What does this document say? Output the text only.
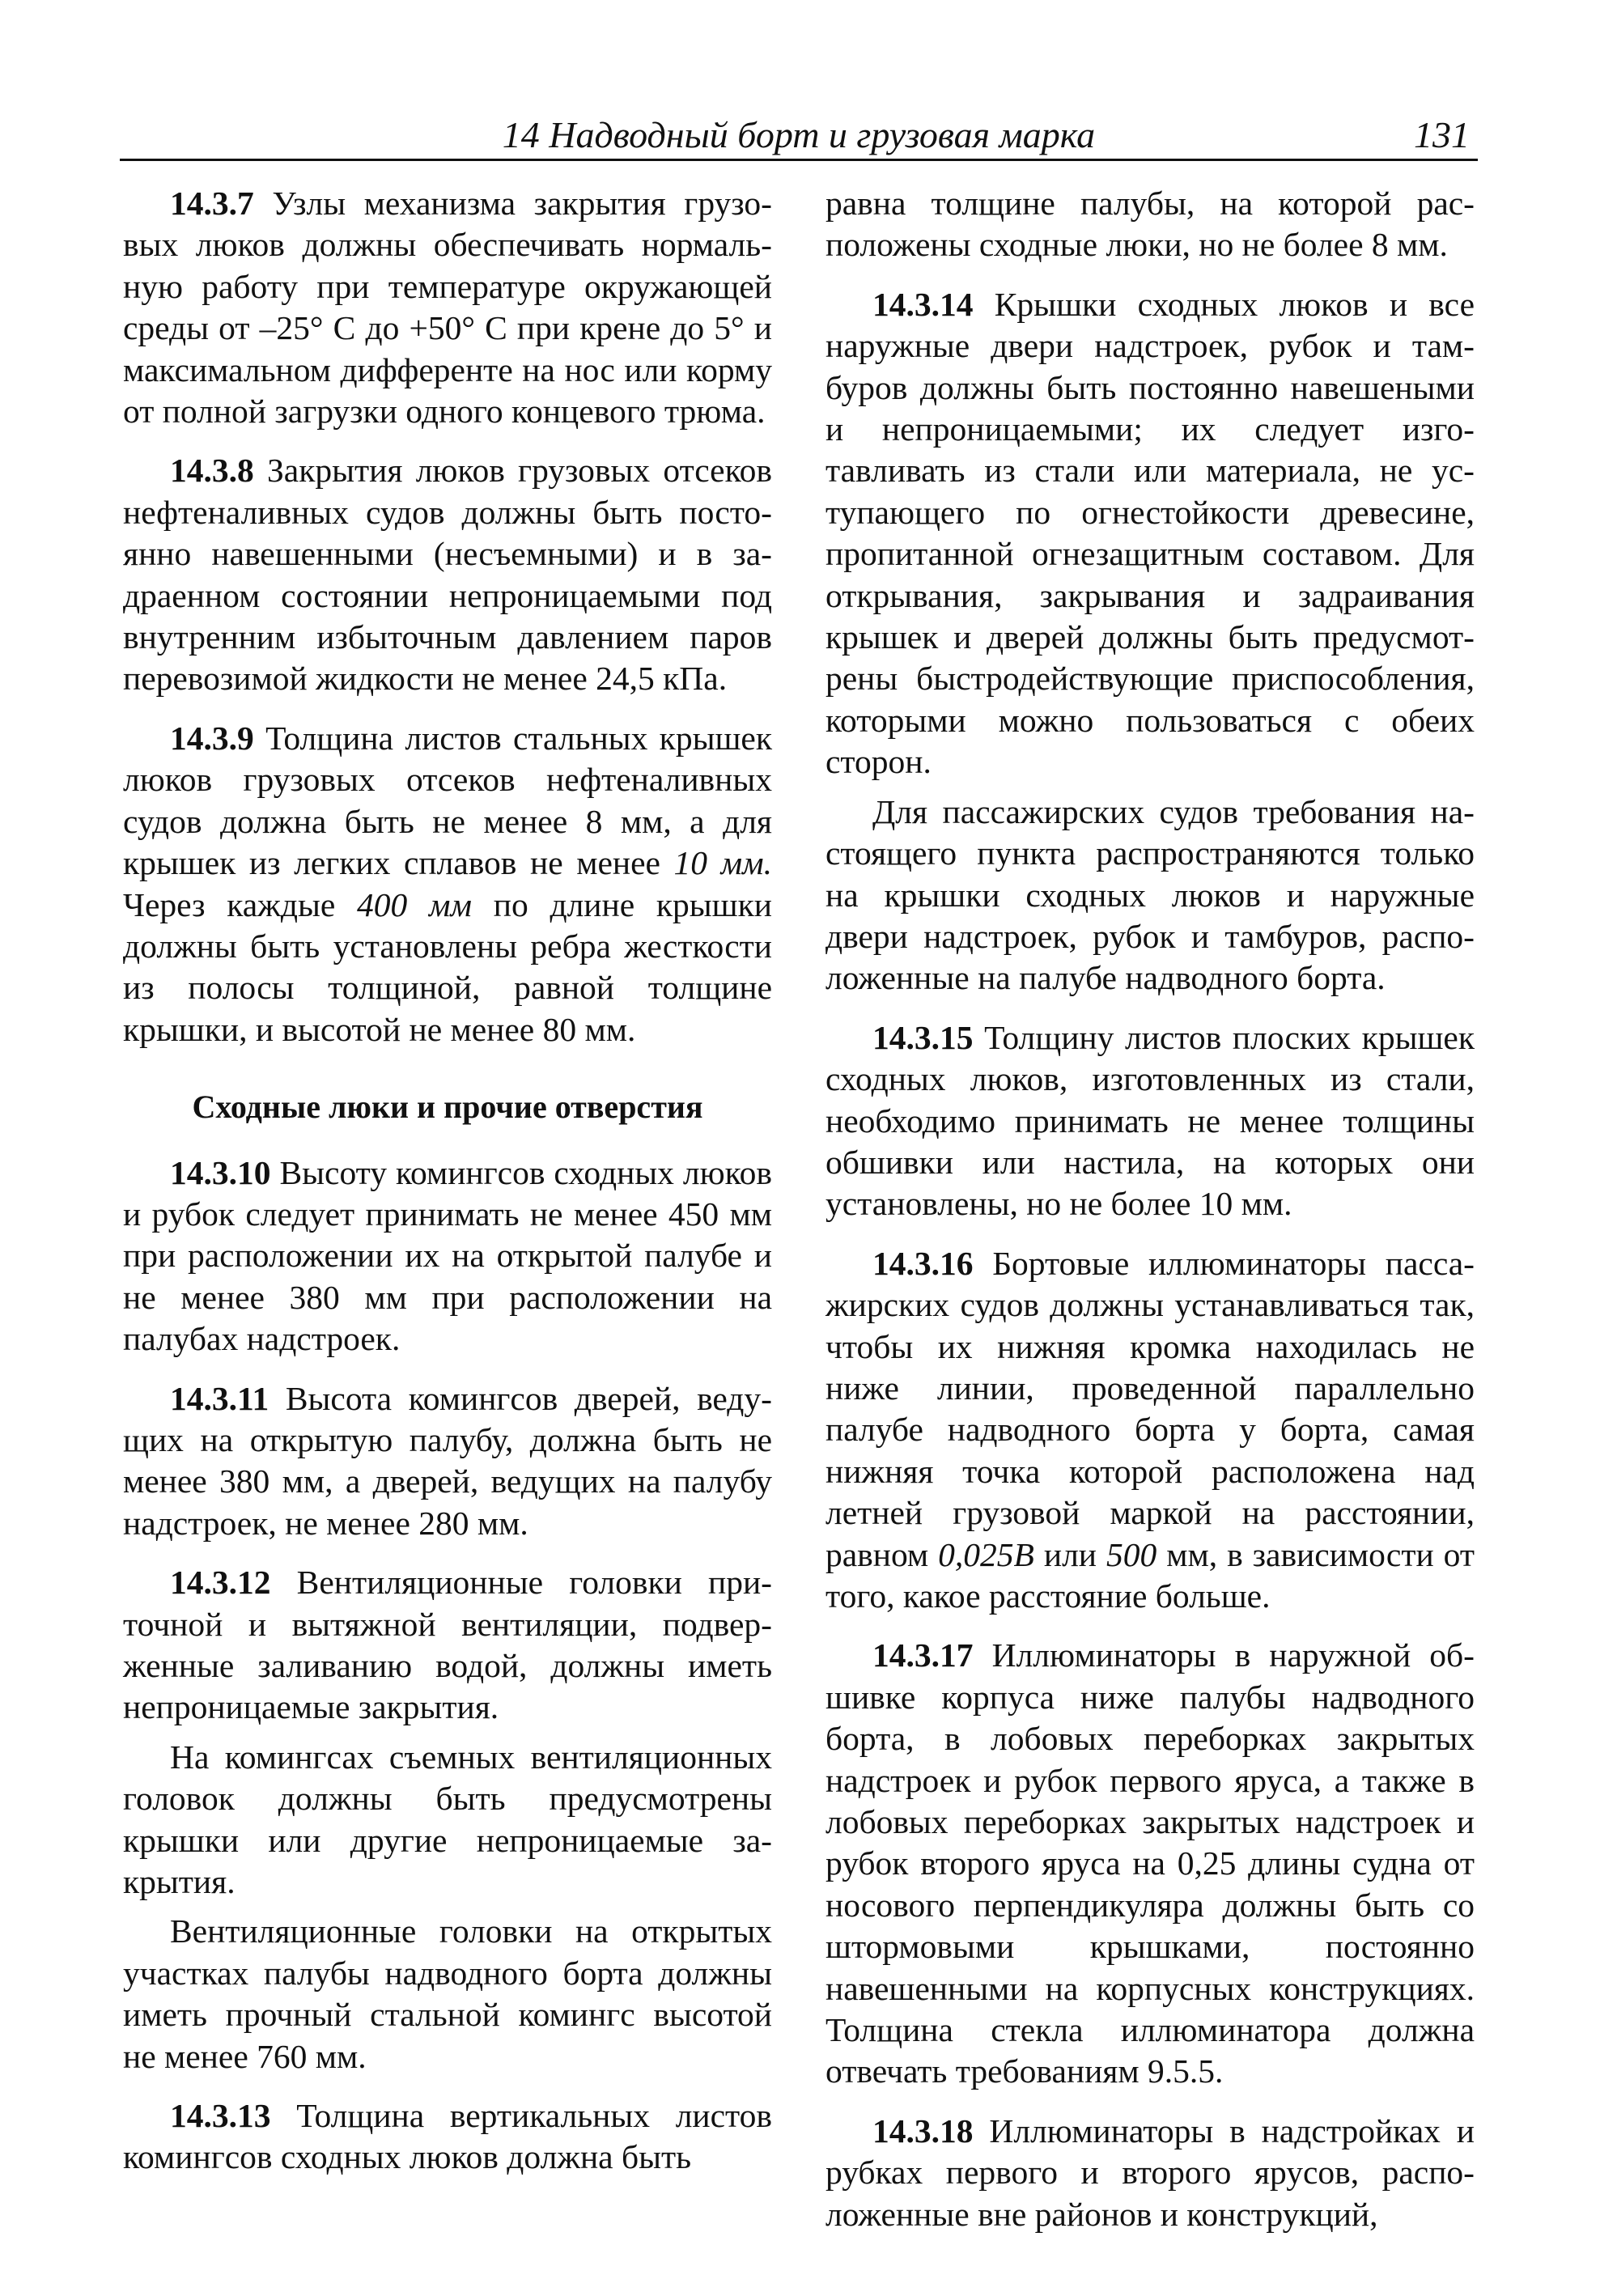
14 Надводный борт и грузовая марка	131

14.3.7 Узлы механизма закрытия грузовых люков должны обеспечивать нормальную работу при температуре окружающей среды от –25° С до +50° С при крене до 5° и максимальном дифференте на нос или корму от полной загрузки одного концевого трюма.

14.3.8 Закрытия люков грузовых отсеков нефтеналивных судов должны быть постоянно навешенными (несъемными) и в задраенном состоянии непроницаемыми под внутренним избыточным давлением паров перевозимой жидкости не менее 24,5 кПа.

14.3.9 Толщина листов стальных крышек люков грузовых отсеков нефтеналивных судов должна быть не менее 8 мм, а для крышек из легких сплавов не менее 10 мм. Через каждые 400 мм по длине крышки должны быть установлены ребра жесткости из полосы толщиной, равной толщине крышки, и высотой не менее 80 мм.

Сходные люки и прочие отверстия

14.3.10 Высоту комингсов сходных люков и рубок следует принимать не менее 450 мм при расположении их на открытой палубе и не менее 380 мм при расположении на палубах надстроек.

14.3.11 Высота комингсов дверей, ведущих на открытую палубу, должна быть не менее 380 мм, а дверей, ведущих на палубу надстроек, не менее 280 мм.

14.3.12 Вентиляционные головки приточной и вытяжной вентиляции, подверженные заливанию водой, должны иметь непроницаемые закрытия.

На комингсах съемных вентиляционных головок должны быть предусмотрены крышки или другие непроницаемые закрытия.

Вентиляционные головки на открытых участках палубы надводного борта должны иметь прочный стальной комингс высотой не менее 760 мм.

14.3.13 Толщина вертикальных листов комингсов сходных люков должна быть

равна толщине палубы, на которой расположены сходные люки, но не более 8 мм.

14.3.14 Крышки сходных люков и все наружные двери надстроек, рубок и тамбуров должны быть постоянно навешеными и непроницаемыми; их следует изготавливать из стали или материала, не уступающего по огнестойкости древесине, пропитанной огнезащитным составом. Для открывания, закрывания и задраивания крышек и дверей должны быть предусмотрены быстродействующие приспособления, которыми можно пользоваться с обеих сторон.

Для пассажирских судов требования настоящего пункта распространяются только на крышки сходных люков и наружные двери надстроек, рубок и тамбуров, расположенные на палубе надводного борта.

14.3.15 Толщину листов плоских крышек сходных люков, изготовленных из стали, необходимо принимать не менее толщины обшивки или настила, на которых они установлены, но не более 10 мм.

14.3.16 Бортовые иллюминаторы пассажирских судов должны устанавливаться так, чтобы их нижняя кромка находилась не ниже линии, проведенной параллельно палубе надводного борта у борта, самая нижняя точка которой расположена над летней грузовой маркой на расстоянии, равном 0,025B или 500 мм, в зависимости от того, какое расстояние больше.

14.3.17 Иллюминаторы в наружной обшивке корпуса ниже палубы надводного борта, в лобовых переборках закрытых надстроек и рубок первого яруса, а также в лобовых переборках закрытых надстроек и рубок второго яруса на 0,25 длины судна от носового перпендикуляра должны быть со штормовыми крышками, постоянно навешенными на корпусных конструкциях. Толщина стекла иллюминатора должна отвечать требованиям 9.5.5.

14.3.18 Иллюминаторы в надстройках и рубках первого и второго ярусов, расположенные вне районов и конструкций,
